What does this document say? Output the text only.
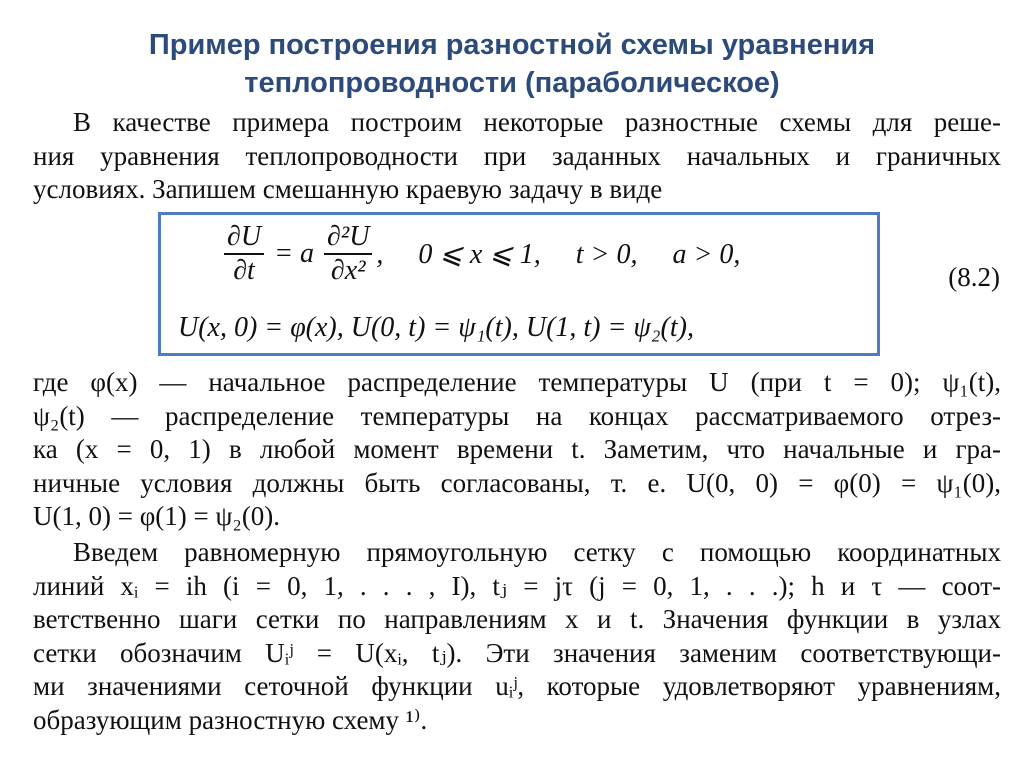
Пример построения разностной схемы уравнения
теплопроводности (параболическое)
В качестве примера построим некоторые разностные схемы для реше-
ния уравнения теплопроводности при заданных начальных и граничных
условиях. Запишем смешанную краевую задачу в виде
$\frac{\partial U}{\partial t} = a \frac{\text{∂²U}}{\text{∂x²}}$ ,     0 ⩽ x ⩽ 1,     t > 0,     a > 0,
U(x, 0) = φ(x), U(0, t) = ψ₁(t), U(1, t) = ψ₂(t),
(8.2)
где φ(x) — начальное распределение температуры U (при t = 0); ψ₁(t),
ψ₂(t) — распределение температуры на концах рассматриваемого отрез-
ка (x = 0, 1) в любой момент времени t. Заметим, что начальные и гра-
ничные условия должны быть согласованы, т. е. U(0, 0) = φ(0) = ψ₁(0),
U(1, 0) = φ(1) = ψ₂(0).
Введем равномерную прямоугольную сетку с помощью координатных
линий xᵢ = ih (i = 0, 1, . . . , I), tⱼ = jτ (j = 0, 1, . . .); h и τ — соот-
ветственно шаги сетки по направлениям x и t. Значения функции в узлах
сетки обозначим Uᵢʲ = U(xᵢ, tⱼ). Эти значения заменим соответствующи-
ми значениями сеточной функции uᵢʲ, которые удовлетворяют уравнениям,
образующим разностную схему ¹⁾.
